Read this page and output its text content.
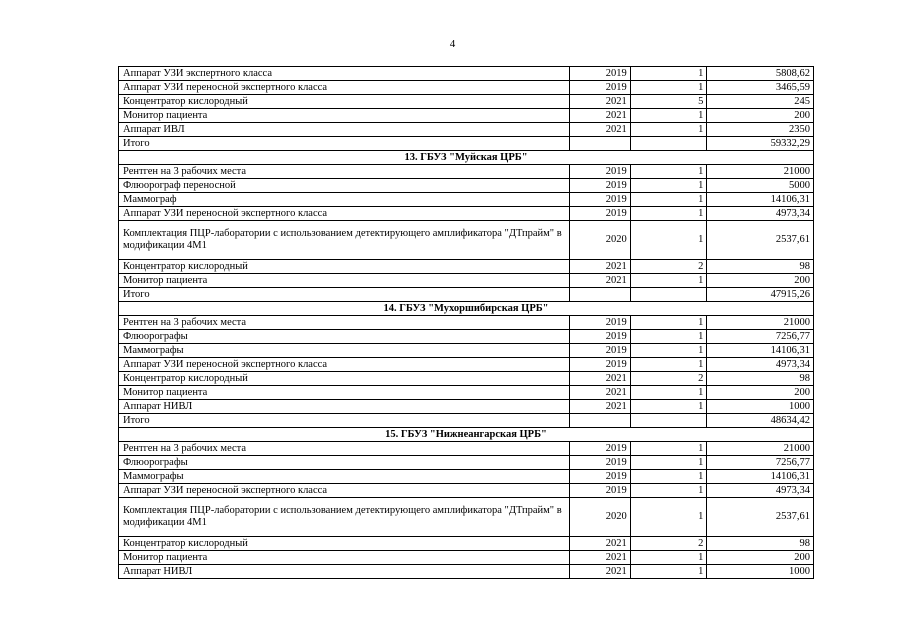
4
Аппарат УЗИ экспертного класса	2019	1	5808,62
Аппарат УЗИ переносной экспертного класса	2019	1	3465,59
Концентратор кислородный	2021	5	245
Монитор пациента	2021	1	200
Аппарат ИВЛ	2021	1	2350
Итого			59332,29
13. ГБУЗ "Муйская ЦРБ"			
Рентген на 3 рабочих места	2019	1	21000
Флюорограф переносной	2019	1	5000
Маммограф	2019	1	14106,31
Аппарат УЗИ переносной экспертного класса	2019	1	4973,34
Комплектация ПЦР-лаборатории с использованием детектирующего амплификатора "ДТпрайм" в модификации 4М1	2020	1	2537,61
Концентратор кислородный	2021	2	98
Монитор пациента	2021	1	200
Итого			47915,26
14. ГБУЗ "Мухоршибирская ЦРБ"			
Рентген на 3 рабочих места	2019	1	21000
Флюорографы	2019	1	7256,77
Маммографы	2019	1	14106,31
Аппарат УЗИ переносной экспертного класса	2019	1	4973,34
Концентратор кислородный	2021	2	98
Монитор пациента	2021	1	200
Аппарат НИВЛ	2021	1	1000
Итого			48634,42
15. ГБУЗ "Нижнеангарская ЦРБ"			
Рентген на 3 рабочих места	2019	1	21000
Флюорографы	2019	1	7256,77
Маммографы	2019	1	14106,31
Аппарат УЗИ переносной экспертного класса	2019	1	4973,34
Комплектация ПЦР-лаборатории с использованием детектирующего амплификатора "ДТпрайм" в модификации 4М1	2020	1	2537,61
Концентратор кислородный	2021	2	98
Монитор пациента	2021	1	200
Аппарат НИВЛ	2021	1	1000
